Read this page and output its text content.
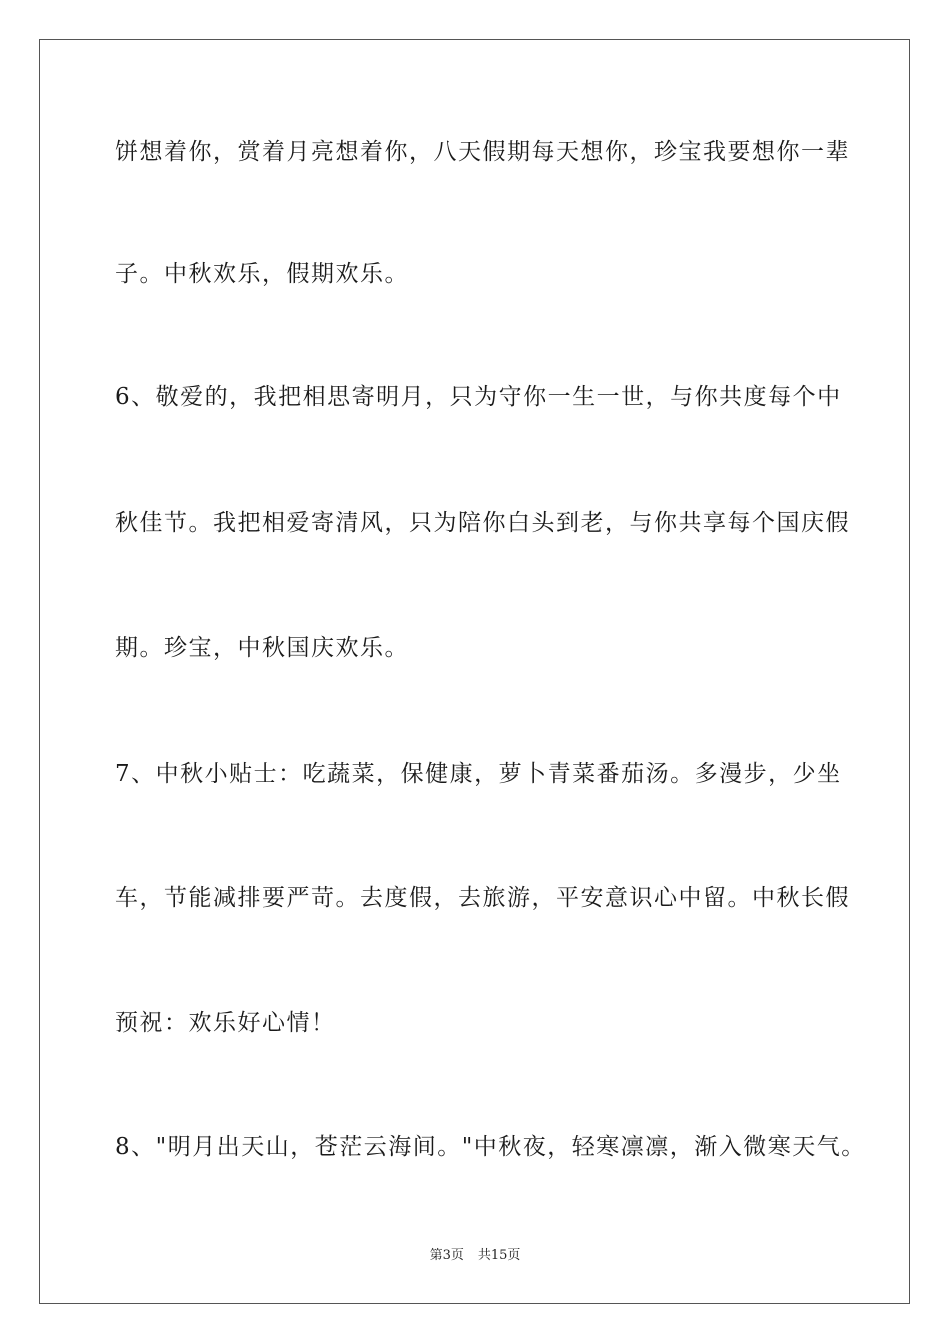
饼想着你，赏着月亮想着你，八天假期每天想你，珍宝我要想你一辈
子。中秋欢乐，假期欢乐。
6、敬爱的，我把相思寄明月，只为守你一生一世，与你共度每个中
秋佳节。我把相爱寄清风，只为陪你白头到老，与你共享每个国庆假
期。珍宝，中秋国庆欢乐。
7、中秋小贴士：吃蔬菜，保健康，萝卜青菜番茄汤。多漫步，少坐
车，节能减排要严苛。去度假，去旅游，平安意识心中留。中秋长假
预祝：欢乐好心情！
8、"明月出天山，苍茫云海间。"中秋夜，轻寒凛凛，渐入微寒天气。
第3页 共15页
